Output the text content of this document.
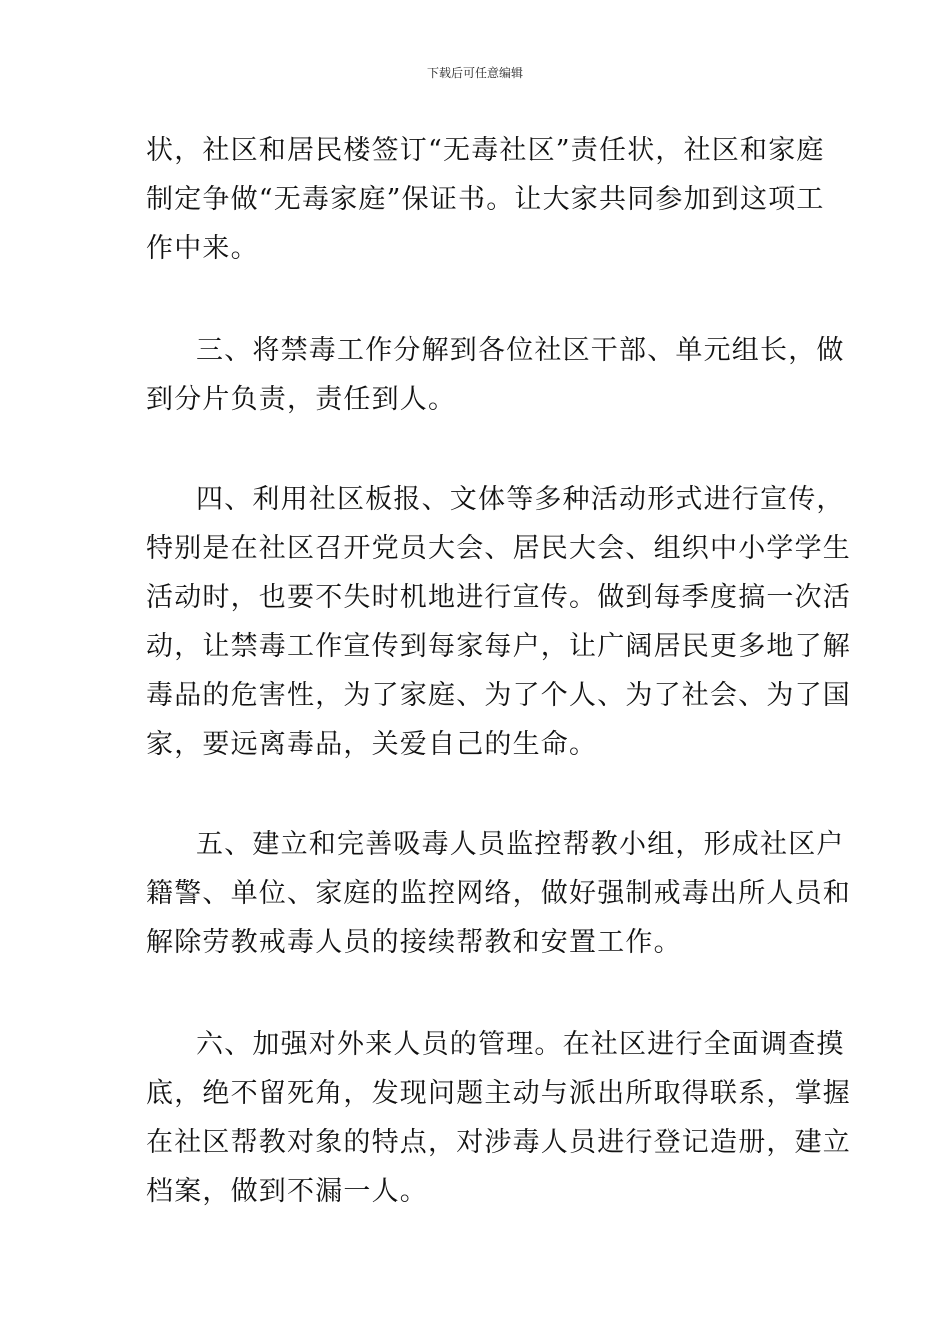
下载后可任意编辑
状，社区和居民楼签订“无毒社区”责任状，社区和家庭
制定争做“无毒家庭”保证书。让大家共同参加到这项工
作中来。
三、将禁毒工作分解到各位社区干部、单元组长，做
到分片负责，责任到人。
四、利用社区板报、文体等多种活动形式进行宣传，
特别是在社区召开党员大会、居民大会、组织中小学学生
活动时，也要不失时机地进行宣传。做到每季度搞一次活
动，让禁毒工作宣传到每家每户，让广阔居民更多地了解
毒品的危害性，为了家庭、为了个人、为了社会、为了国
家，要远离毒品，关爱自己的生命。
五、建立和完善吸毒人员监控帮教小组，形成社区户
籍警、单位、家庭的监控网络，做好强制戒毒出所人员和
解除劳教戒毒人员的接续帮教和安置工作。
六、加强对外来人员的管理。在社区进行全面调查摸
底，绝不留死角，发现问题主动与派出所取得联系，掌握
在社区帮教对象的特点，对涉毒人员进行登记造册，建立
档案，做到不漏一人。
